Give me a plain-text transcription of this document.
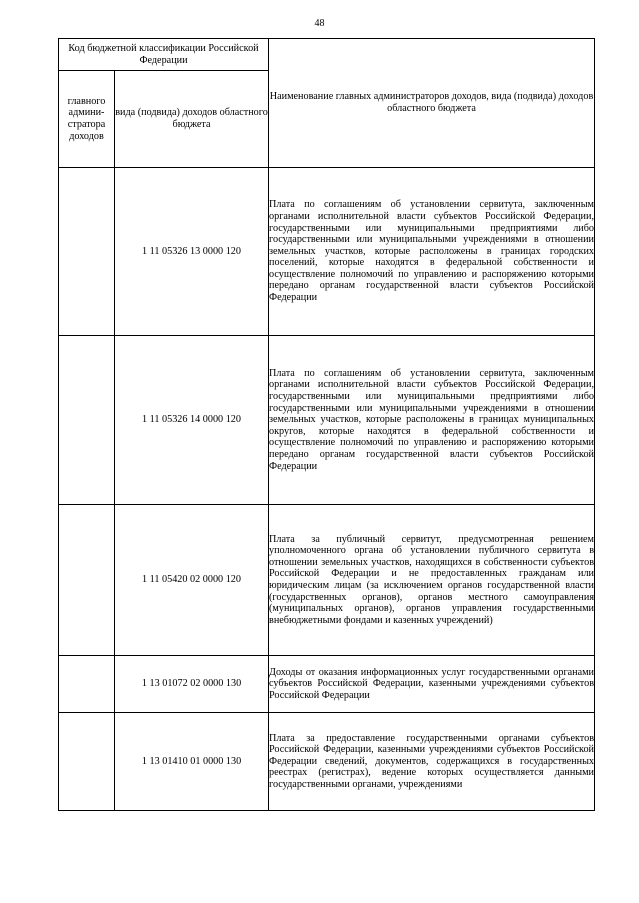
48
Код бюджетной классификации Российской Федерации		Наименование главных администраторов доходов, вида (подвида) доходов областного бюджета
главного админи-стратора доходов	вида (подвида) доходов областного бюджета	
	1 11 05326 13 0000 120	Плата по соглашениям об установлении сервитута, заключенным органами исполнительной власти субъектов Российской Федерации, государственными или муниципальными предприятиями либо государственными или муниципальными учреждениями в отношении земельных участков, которые расположены в границах городских поселений, которые находятся в федеральной собственности и осуществление полномочий по управлению и распоряжению которыми передано органам государственной власти субъектов Российской Федерации
	1 11 05326 14 0000 120	Плата по соглашениям об установлении сервитута, заключенным органами исполнительной власти субъектов Российской Федерации, государственными или муниципальными предприятиями либо государственными или муниципальными учреждениями в отношении земельных участков, которые расположены в границах муниципальных округов, которые находятся в федеральной собственности и осуществление полномочий по управлению и распоряжению которыми передано органам государственной власти субъектов Российской Федерации
	1 11 05420 02 0000 120	Плата за публичный сервитут, предусмотренная решением уполномоченного органа об установлении публичного сервитута в отношении земельных участков, находящихся в собственности субъектов Российской Федерации и не предоставленных гражданам или юридическим лицам (за исключением органов государственной власти (государственных органов), органов местного самоуправления (муниципальных органов), органов управления государственными внебюджетными фондами и казенных учреждений)
	1 13 01072 02 0000 130	Доходы от оказания информационных услуг государственными органами субъектов Российской Федерации, казенными учреждениями субъектов Российской Федерации
	1 13 01410 01 0000 130	Плата за предоставление государственными органами субъектов Российской Федерации, казенными учреждениями субъектов Российской Федерации сведений, документов, содержащихся в государственных реестрах (регистрах), ведение которых осуществляется данными государственными органами, учреждениями
